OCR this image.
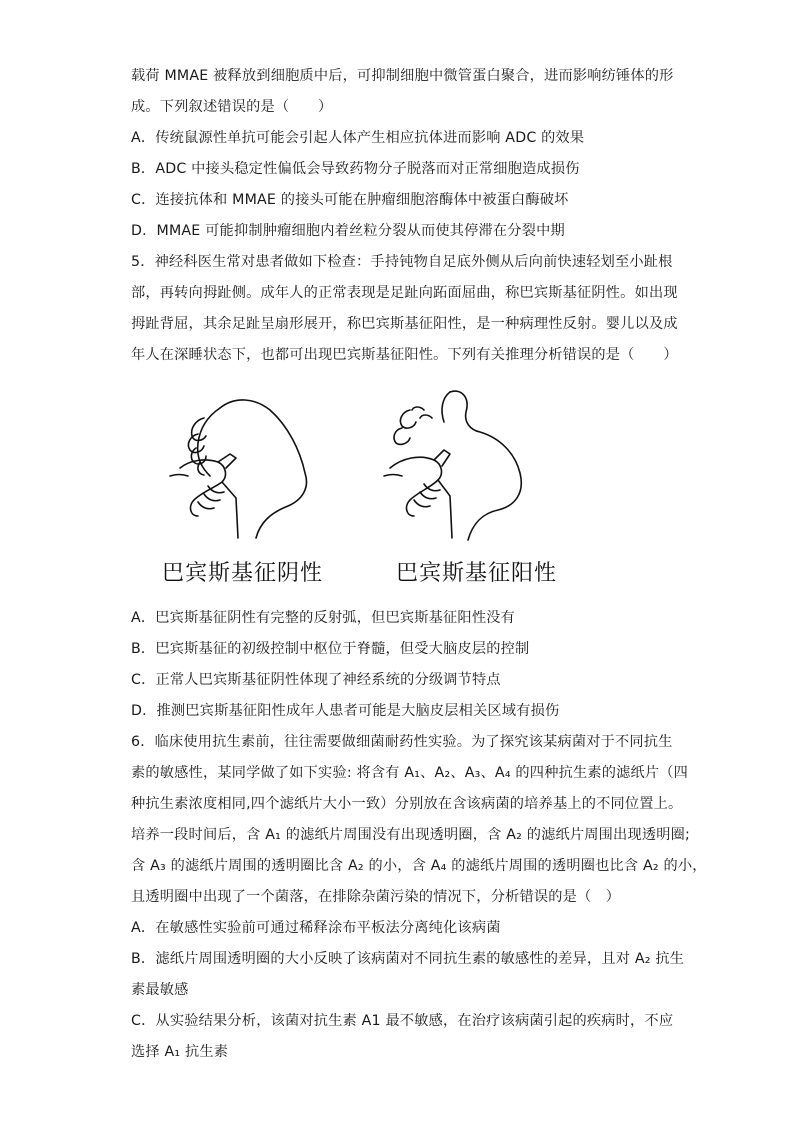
载荷 MMAE 被释放到细胞质中后，可抑制细胞中微管蛋白聚合，进而影响纺锤体的形
成。下列叙述错误的是（　　）
A．传统鼠源性单抗可能会引起人体产生相应抗体进而影响 ADC 的效果
B．ADC 中接头稳定性偏低会导致药物分子脱落而对正常细胞造成损伤
C．连接抗体和 MMAE 的接头可能在肿瘤细胞溶酶体中被蛋白酶破坏
D．MMAE 可能抑制肿瘤细胞内着丝粒分裂从而使其停滞在分裂中期
5．神经科医生常对患者做如下检查：手持钝物自足底外侧从后向前快速轻划至小趾根
部，再转向拇趾侧。成年人的正常表现是足趾向跖面屈曲，称巴宾斯基征阴性。如出现
拇趾背屈，其余足趾呈扇形展开，称巴宾斯基征阳性，是一种病理性反射。婴儿以及成
年人在深睡状态下，也都可出现巴宾斯基征阳性。下列有关推理分析错误的是（　　）
巴宾斯基征阴性	巴宾斯基征阳性
A．巴宾斯基征阴性有完整的反射弧，但巴宾斯基征阳性没有
B．巴宾斯基征的初级控制中枢位于脊髓，但受大脑皮层的控制
C．正常人巴宾斯基征阴性体现了神经系统的分级调节特点
D．推测巴宾斯基征阳性成年人患者可能是大脑皮层相关区域有损伤
6．临床使用抗生素前，往往需要做细菌耐药性实验。为了探究该某病菌对于不同抗生
素的敏感性，某同学做了如下实验: 将含有 A₁、A₂、A₃、A₄ 的四种抗生素的滤纸片（四
种抗生素浓度相同,四个滤纸片大小一致）分别放在含该病菌的培养基上的不同位置上。
培养一段时间后，含 A₁ 的滤纸片周围没有出现透明圈，含 A₂ 的滤纸片周围出现透明圈;
含 A₃ 的滤纸片周围的透明圈比含 A₂ 的小，含 A₄ 的滤纸片周围的透明圈也比含 A₂ 的小，
且透明圈中出现了一个菌落，在排除杂菌污染的情况下，分析错误的是（　）
A．在敏感性实验前可通过稀释涂布平板法分离纯化该病菌
B．滤纸片周围透明圈的大小反映了该病菌对不同抗生素的敏感性的差异，且对 A₂ 抗生
素最敏感
C．从实验结果分析，该菌对抗生素 A1 最不敏感，在治疗该病菌引起的疾病时，不应
选择 A₁ 抗生素
